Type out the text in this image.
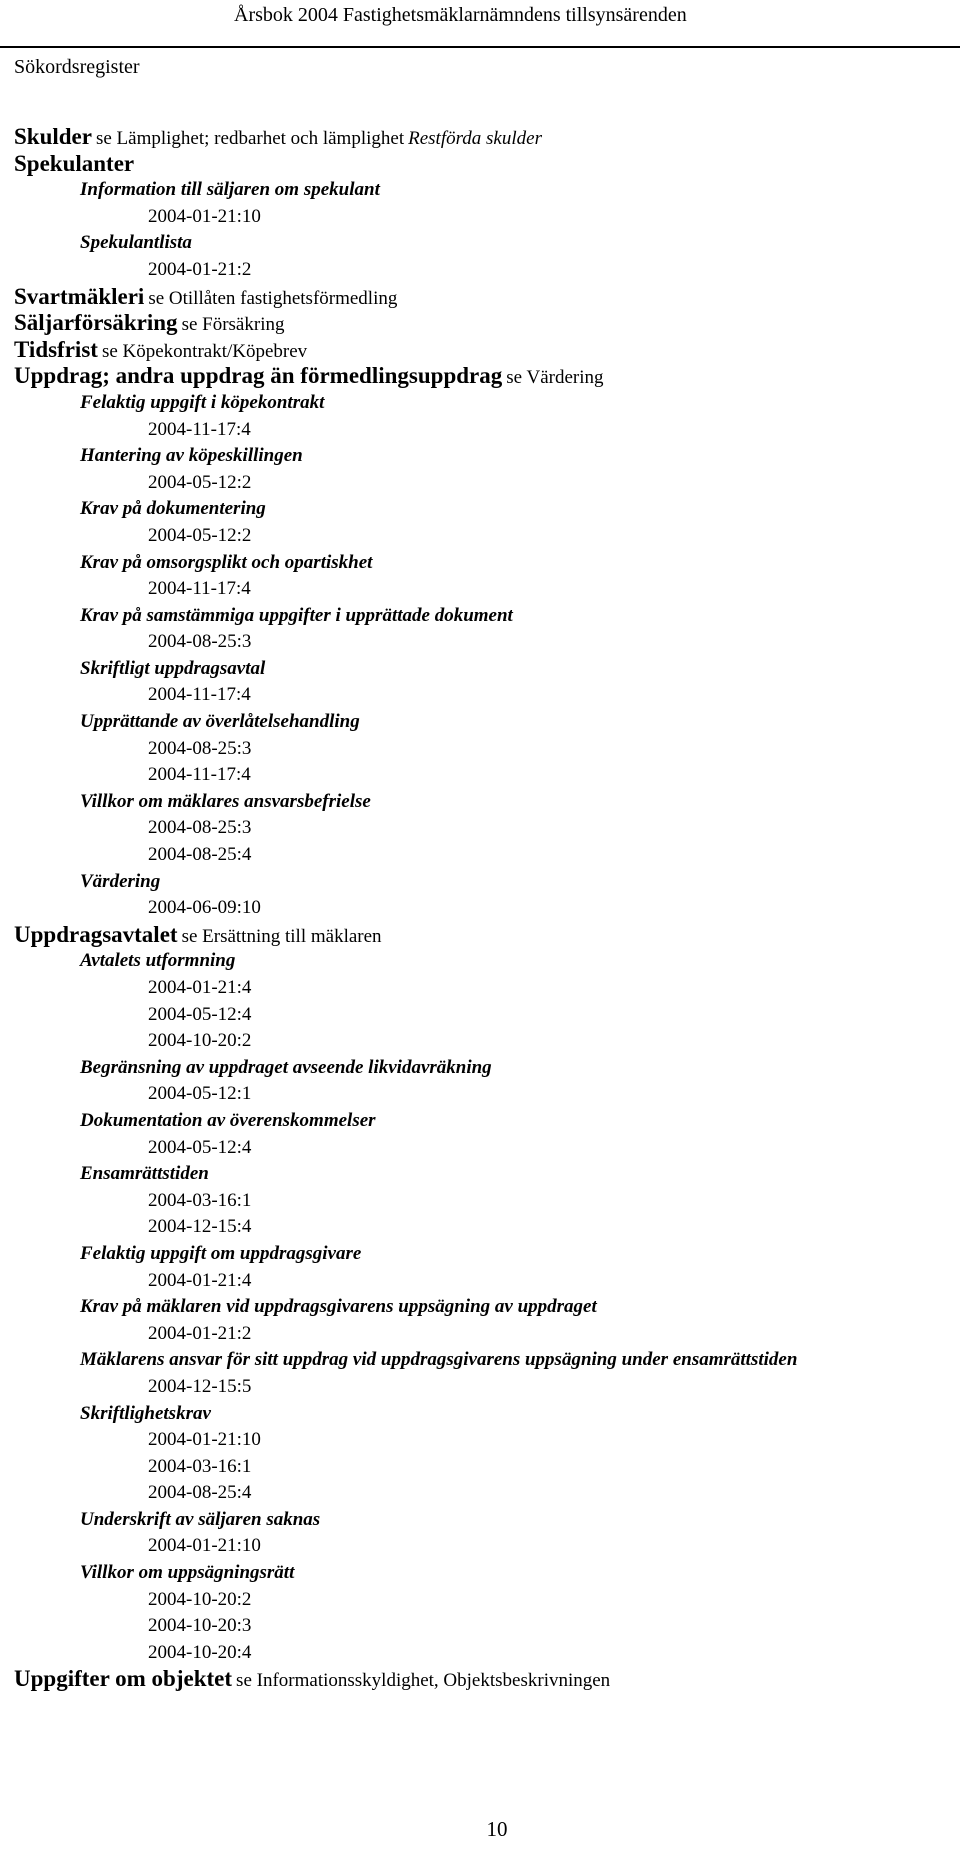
Årsbok 2004 Fastighetsmäklarnämndens tillsynsärenden
Sökordsregister
Skulder se Lämplighet; redbarhet och lämplighet Restförda skulder
Spekulanter
Information till säljaren om spekulant
2004-01-21:10
Spekulantlista
2004-01-21:2
Svartmäkleri se Otillåten fastighetsförmedling
Säljarförsäkring se Försäkring
Tidsfrist se Köpekontrakt/Köpebrev
Uppdrag; andra uppdrag än förmedlingsuppdrag se Värdering
Felaktig uppgift i köpekontrakt
2004-11-17:4
Hantering av köpeskillingen
2004-05-12:2
Krav på dokumentering
2004-05-12:2
Krav på omsorgsplikt och opartiskhet
2004-11-17:4
Krav på samstämmiga uppgifter i upprättade dokument
2004-08-25:3
Skriftligt uppdragsavtal
2004-11-17:4
Upprättande av överlåtelsehandling
2004-08-25:3
2004-11-17:4
Villkor om mäklares ansvarsbefrielse
2004-08-25:3
2004-08-25:4
Värdering
2004-06-09:10
Uppdragsavtalet se Ersättning till mäklaren
Avtalets utformning
2004-01-21:4
2004-05-12:4
2004-10-20:2
Begränsning av uppdraget avseende likvidavräkning
2004-05-12:1
Dokumentation av överenskommelser
2004-05-12:4
Ensamrättstiden
2004-03-16:1
2004-12-15:4
Felaktig uppgift om uppdragsgivare
2004-01-21:4
Krav på mäklaren vid uppdragsgivarens uppsägning av uppdraget
2004-01-21:2
Mäklarens ansvar för sitt uppdrag vid uppdragsgivarens uppsägning under ensamrättstiden
2004-12-15:5
Skriftlighetskrav
2004-01-21:10
2004-03-16:1
2004-08-25:4
Underskrift av säljaren saknas
2004-01-21:10
Villkor om uppsägningsrätt
2004-10-20:2
2004-10-20:3
2004-10-20:4
Uppgifter om objektet se Informationsskyldighet, Objektsbeskrivningen
10
